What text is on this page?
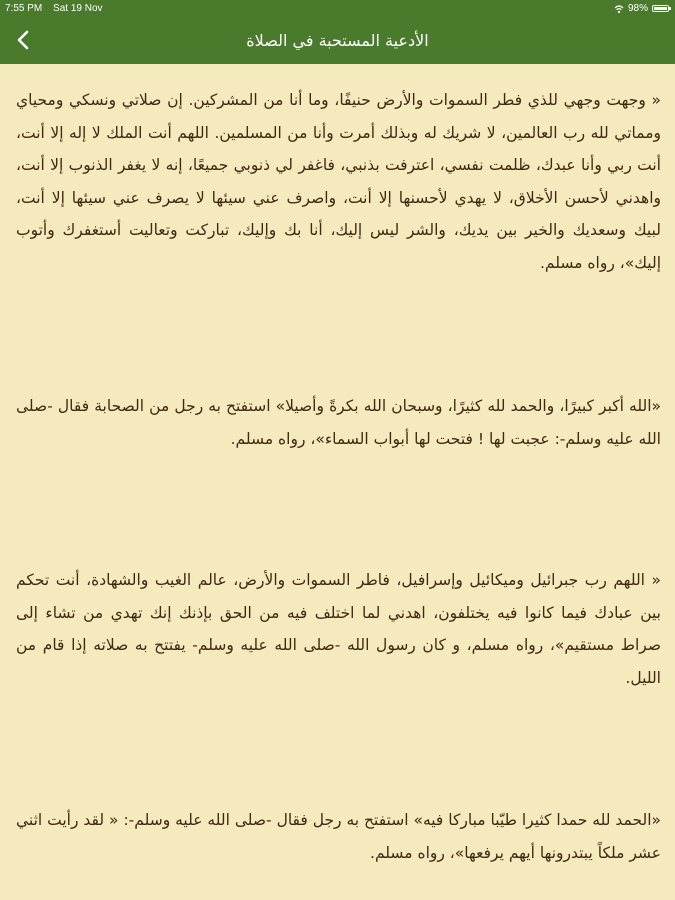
7:55 PM Sat 19 Nov	98%
الأدعية المستحبة في الصلاة

« وجهت وجهي للذي فطر السموات والأرض حنيفًا، وما أنا من المشركين. إن صلاتي ونسكي ومحياي ومماتي لله رب العالمين، لا شريك له وبذلك أمرت وأنا من المسلمين. اللهم أنت الملك لا إله إلا أنت، أنت ربي وأنا عبدك، ظلمت نفسي، اعترفت بذنبي، فاغفر لي ذنوبي جميعًا، إنه لا يغفر الذنوب إلا أنت، واهدني لأحسن الأخلاق، لا يهدي لأحسنها إلا أنت، واصرف عني سيئها لا يصرف عني سيئها إلا أنت، لبيك وسعديك والخير بين يديك، والشر ليس إليك، أنا بك وإليك، تباركت وتعاليت أستغفرك وأتوب إليك»، رواه مسلم.

«الله أكبر كبيرًا، والحمد لله كثيرًا، وسبحان الله بكرةً وأصيلا» استفتح به رجل من الصحابة فقال -صلى الله عليه وسلم-: عجبت لها ! فتحت لها أبواب السماء»، رواه مسلم.

« اللهم رب جبرائيل وميكائيل وإسرافيل، فاطر السموات والأرض، عالم الغيب والشهادة، أنت تحكم بين عبادك فيما كانوا فيه يختلفون، اهدني لما اختلف فيه من الحق بإذنك إنك تهدي من تشاء إلى صراط مستقيم»، رواه مسلم، و كان رسول الله -صلى الله عليه وسلم- يفتتح به صلاته إذا قام من الليل.

«الحمد لله حمدا كثيرا طيّبا مباركا فيه» استفتح به رجل فقال -صلى الله عليه وسلم-: « لقد رأيت اثني عشر ملكاً يبتدرونها أيهم يرفعها»، رواه مسلم.
